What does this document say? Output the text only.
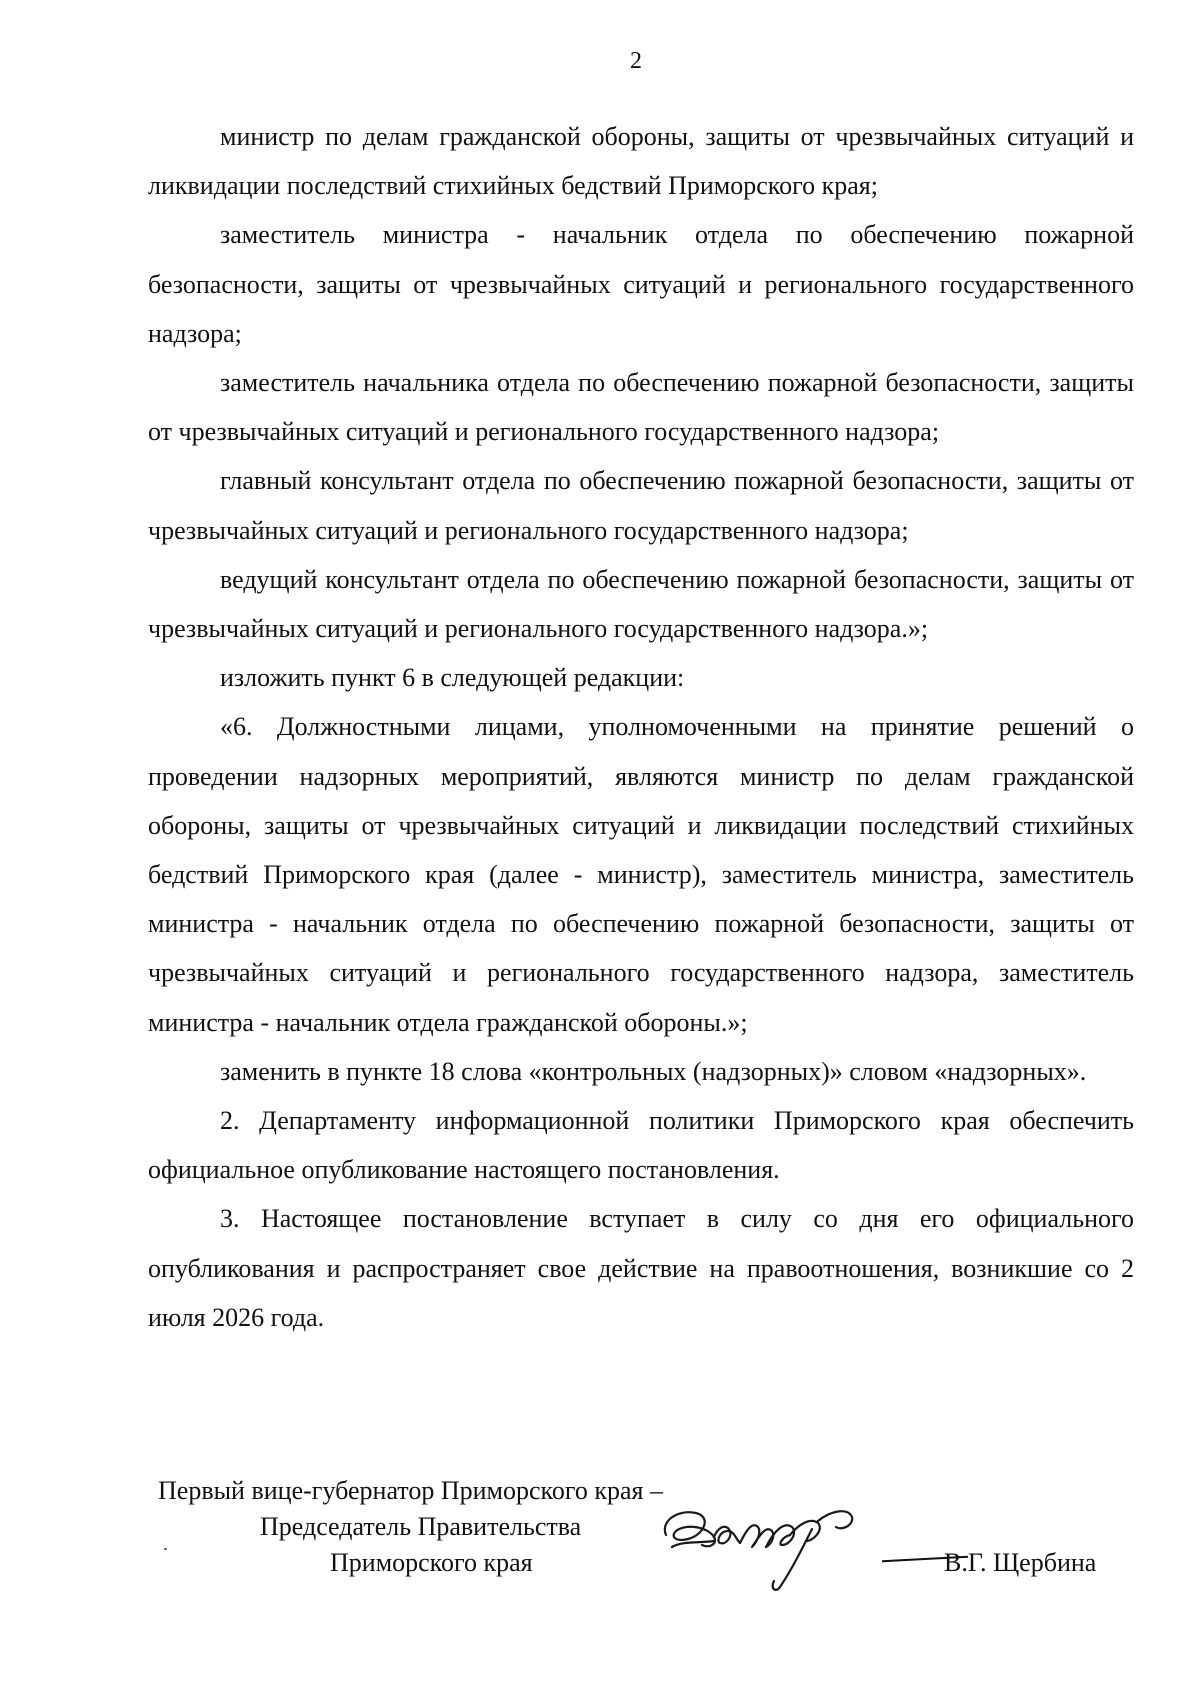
2

министр по делам гражданской обороны, защиты от чрезвычайных ситуаций и ликвидации последствий стихийных бедствий Приморского края;

заместитель министра - начальник отдела по обеспечению пожарной безопасности, защиты от чрезвычайных ситуаций и регионального государственного надзора;

заместитель начальника отдела по обеспечению пожарной безопасности, защиты от чрезвычайных ситуаций и регионального государственного надзора;

главный консультант отдела по обеспечению пожарной безопасности, защиты от чрезвычайных ситуаций и регионального государственного надзора;

ведущий консультант отдела по обеспечению пожарной безопасности, защиты от чрезвычайных ситуаций и регионального государственного надзора.»;

изложить пункт 6 в следующей редакции:

«6. Должностными лицами, уполномоченными на принятие решений о проведении надзорных мероприятий, являются министр по делам гражданской обороны, защиты от чрезвычайных ситуаций и ликвидации последствий стихийных бедствий Приморского края (далее - министр), заместитель министра, заместитель министра - начальник отдела по обеспечению пожарной безопасности, защиты от чрезвычайных ситуаций и регионального государственного надзора, заместитель министра - начальник отдела гражданской обороны.»;

заменить в пункте 18 слова «контрольных (надзорных)» словом «надзорных».

2. Департаменту информационной политики Приморского края обеспечить официальное опубликование настоящего постановления.

3. Настоящее постановление вступает в силу со дня его официального опубликования и распространяет свое действие на правоотношения, возникшие со 2 июля 2026 года.

Первый вице-губернатор Приморского края –
Председатель Правительства
Приморского края	В.Г. Щербина
